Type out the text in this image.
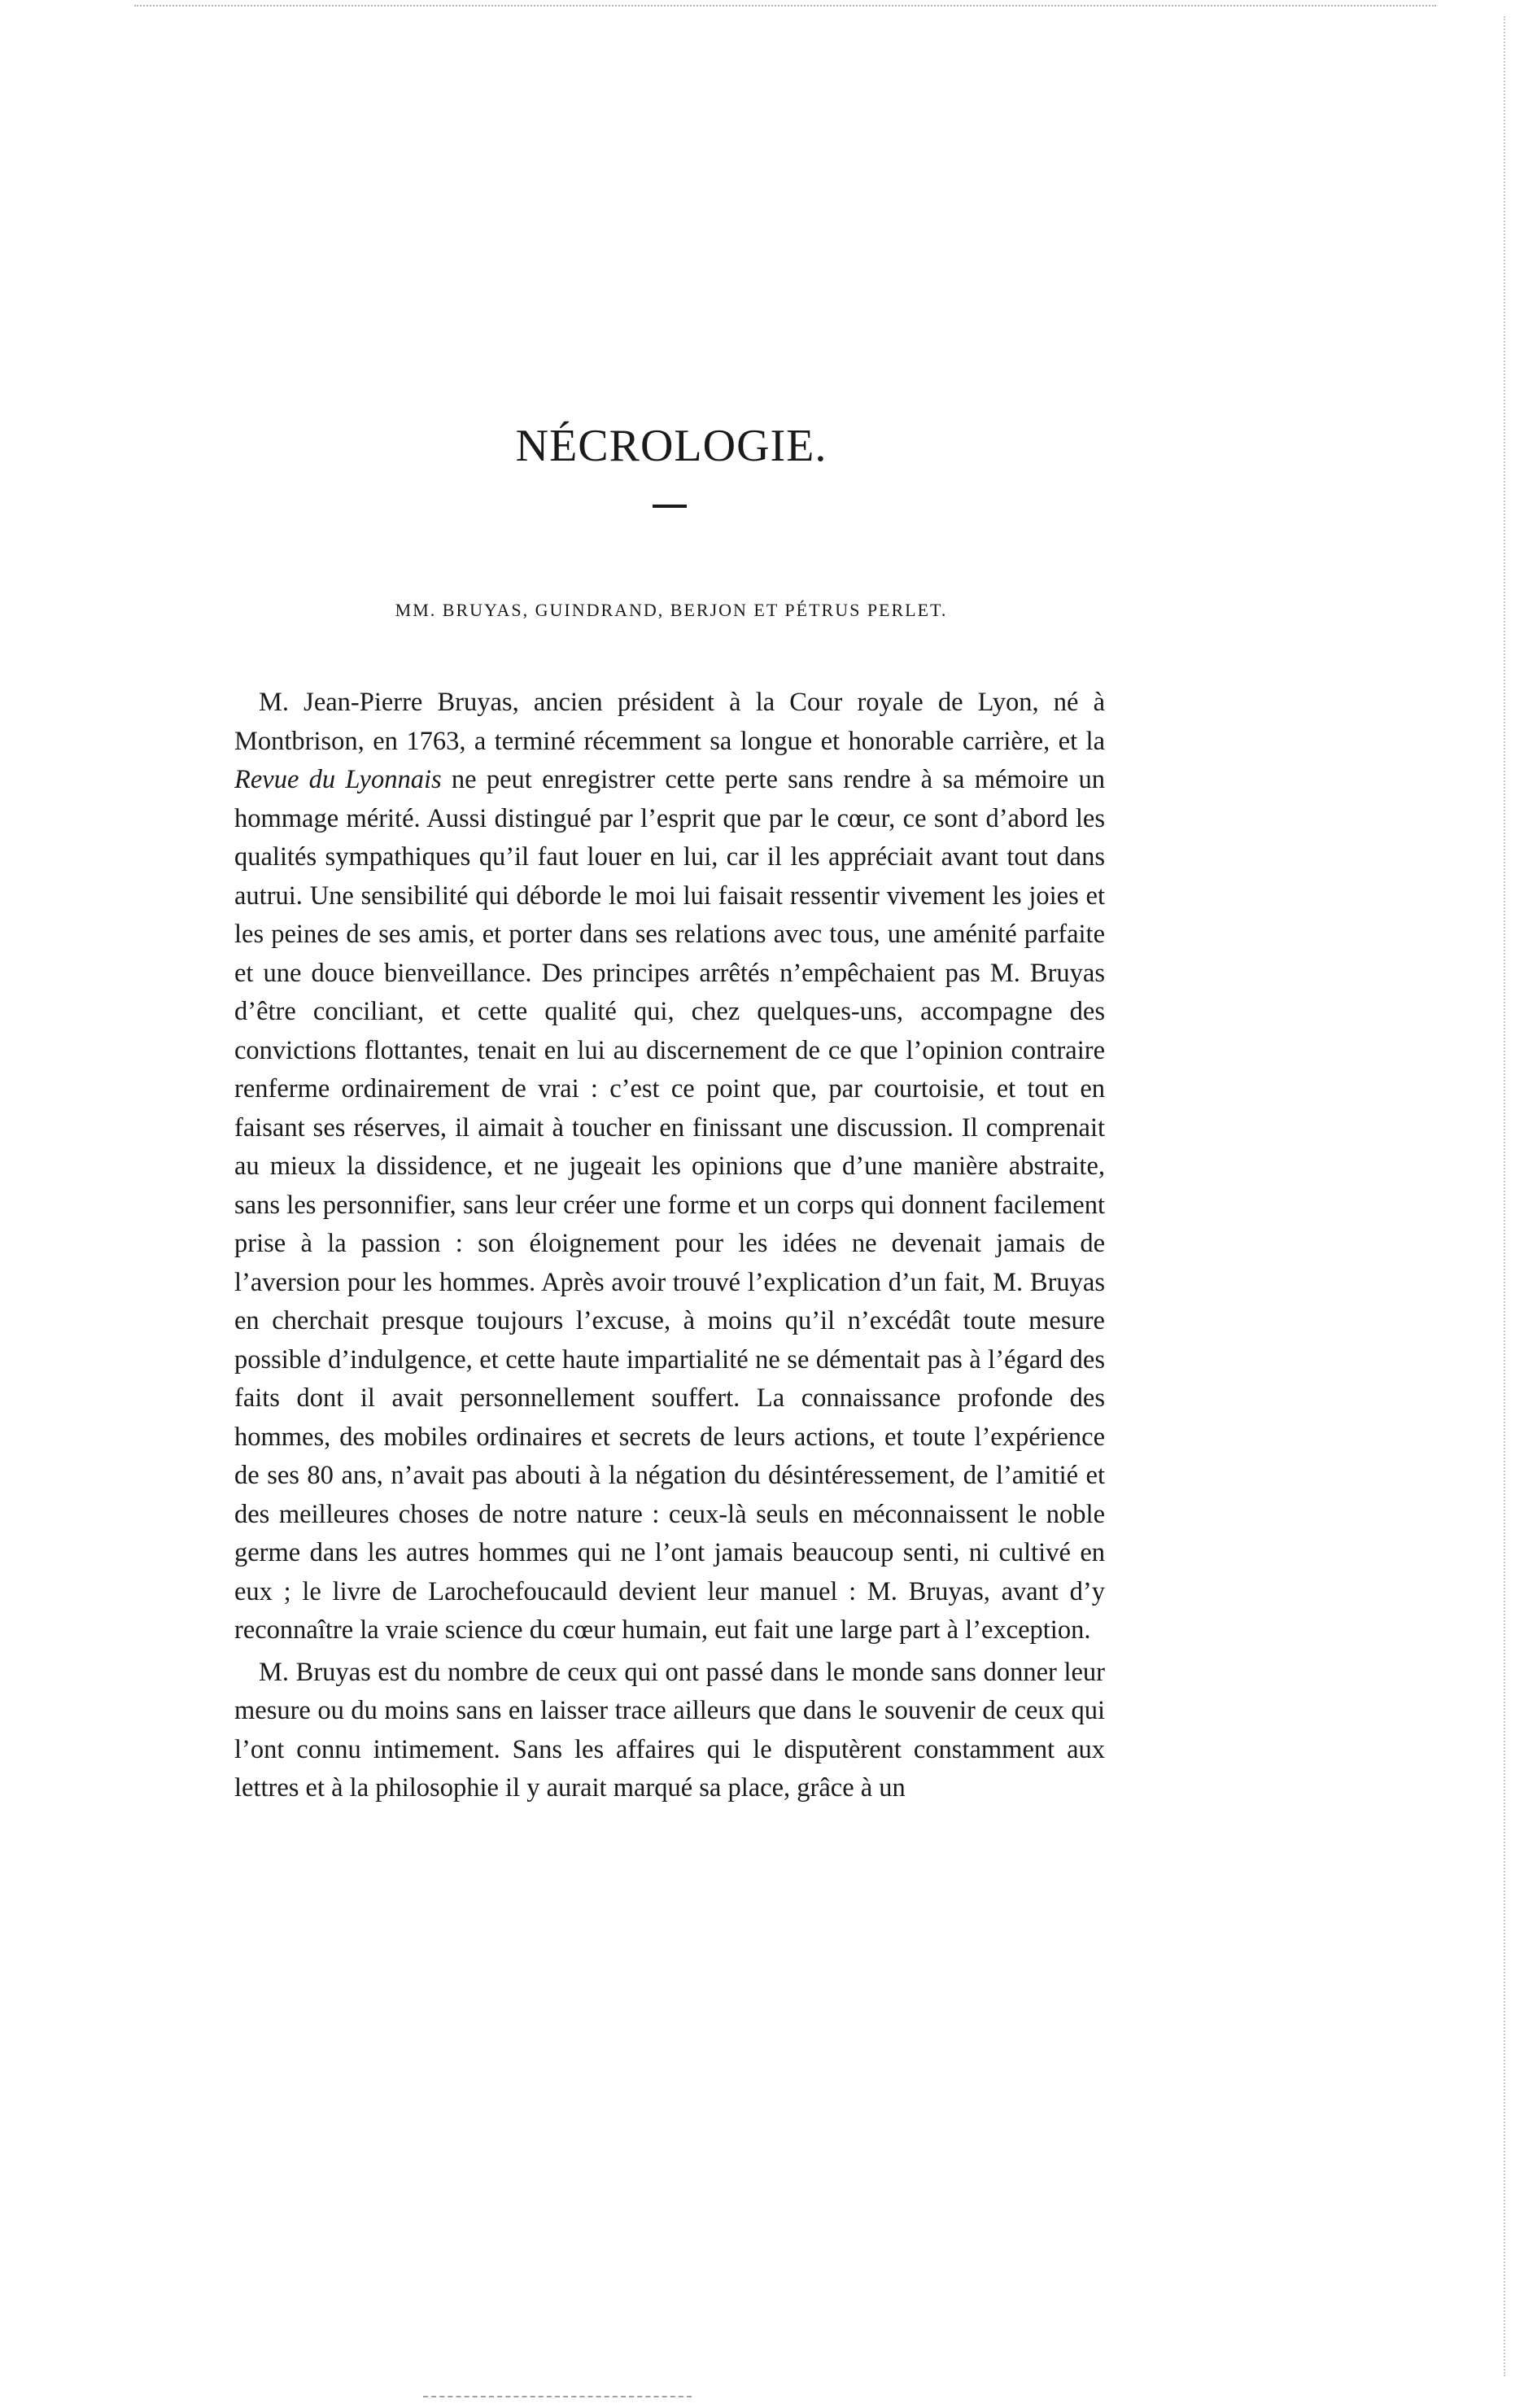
NÉCROLOGIE.
MM. BRUYAS, GUINDRAND, BERJON ET PÉTRUS PERLET.

M. Jean-Pierre Bruyas, ancien président à la Cour royale de Lyon, né à Montbrison, en 1763, a terminé récemment sa longue et honorable carrière, et la Revue du Lyonnais ne peut enregistrer cette perte sans rendre à sa mémoire un hommage mérité. Aussi distingué par l’esprit que par le cœur, ce sont d’abord les qualités sympathiques qu’il faut louer en lui, car il les appréciait avant tout dans autrui. Une sensibilité qui déborde le moi lui faisait ressentir vivement les joies et les peines de ses amis, et porter dans ses relations avec tous, une aménité parfaite et une douce bienveillance. Des principes arrêtés n’empêchaient pas M. Bruyas d’être conciliant, et cette qualité qui, chez quelques-uns, accompagne des convictions flottantes, tenait en lui au discernement de ce que l’opinion contraire renferme ordinairement de vrai : c’est ce point que, par courtoisie, et tout en faisant ses réserves, il aimait à toucher en finissant une discussion. Il comprenait au mieux la dissidence, et ne jugeait les opinions que d’une manière abstraite, sans les personnifier, sans leur créer une forme et un corps qui donnent facilement prise à la passion : son éloignement pour les idées ne devenait jamais de l’aversion pour les hommes. Après avoir trouvé l’explication d’un fait, M. Bruyas en cherchait presque toujours l’excuse, à moins qu’il n’excédât toute mesure possible d’indulgence, et cette haute impartialité ne se démentait pas à l’égard des faits dont il avait personnellement souffert. La connaissance profonde des hommes, des mobiles ordinaires et secrets de leurs actions, et toute l’expérience de ses 80 ans, n’avait pas abouti à la négation du désintéressement, de l’amitié et des meilleures choses de notre nature : ceux-là seuls en méconnaissent le noble germe dans les autres hommes qui ne l’ont jamais beaucoup senti, ni cultivé en eux ; le livre de Larochefoucauld devient leur manuel : M. Bruyas, avant d’y reconnaître la vraie science du cœur humain, eut fait une large part à l’exception.

M. Bruyas est du nombre de ceux qui ont passé dans le monde sans donner leur mesure ou du moins sans en laisser trace ailleurs que dans le souvenir de ceux qui l’ont connu intimement. Sans les affaires qui le disputèrent constamment aux lettres et à la philosophie il y aurait marqué sa place, grâce à un
